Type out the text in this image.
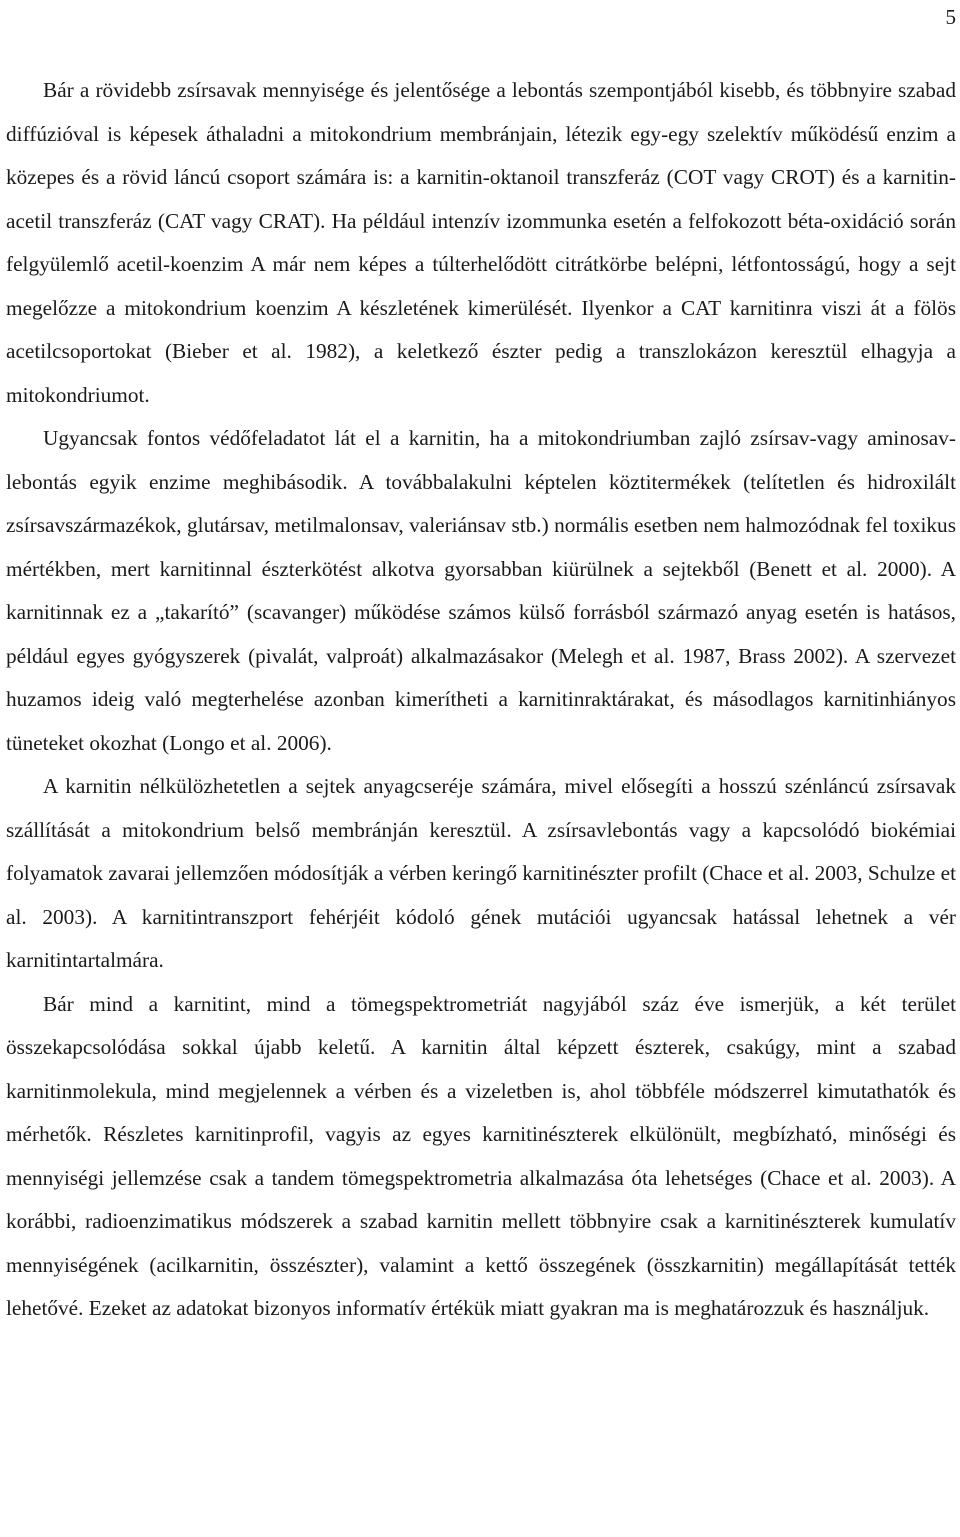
5

Bár a rövidebb zsírsavak mennyisége és jelentősége a lebontás szempontjából kisebb, és többnyire szabad diffúzióval is képesek áthaladni a mitokondrium membránjain, létezik egy-egy szelektív működésű enzim a közepes és a rövid láncú csoport számára is: a karnitin-oktanoil transzferáz (COT vagy CROT) és a karnitin-acetil transzferáz (CAT vagy CRAT). Ha például intenzív izommunka esetén a felfokozott béta-oxidáció során felgyülemlő acetil-koenzim A már nem képes a túlterhelődött citrátkörbe belépni, létfontosságú, hogy a sejt megelőzze a mitokondrium koenzim A készletének kimerülését. Ilyenkor a CAT karnitinra viszi át a fölös acetilcsoportokat (Bieber et al. 1982), a keletkező észter pedig a transzlokázon keresztül elhagyja a mitokondriumot.

Ugyancsak fontos védőfeladatot lát el a karnitin, ha a mitokondriumban zajló zsírsav-vagy aminosav-lebontás egyik enzime meghibásodik. A továbbalakulni képtelen köztitermékek (telítetlen és hidroxilált zsírsavszármazékok, glutársav, metilmalonsav, valeriánsav stb.) normális esetben nem halmozódnak fel toxikus mértékben, mert karnitinnal észterkötést alkotva gyorsabban kiürülnek a sejtekből (Benett et al. 2000). A karnitinnak ez a „takarító” (scavanger) működése számos külső forrásból származó anyag esetén is hatásos, például egyes gyógyszerek (pivalát, valproát) alkalmazásakor (Melegh et al. 1987, Brass 2002). A szervezet huzamos ideig való megterhelése azonban kimerítheti a karnitinraktárakat, és másodlagos karnitinhiányos tüneteket okozhat (Longo et al. 2006).

A karnitin nélkülözhetetlen a sejtek anyagcseréje számára, mivel elősegíti a hosszú szénláncú zsírsavak szállítását a mitokondrium belső membránján keresztül. A zsírsavlebontás vagy a kapcsolódó biokémiai folyamatok zavarai jellemzően módosítják a vérben keringő karnitinészter profilt (Chace et al. 2003, Schulze et al. 2003). A karnitintranszport fehérjéit kódoló gének mutációi ugyancsak hatással lehetnek a vér karnitintartalmára.

Bár mind a karnitint, mind a tömegspektrometriát nagyjából száz éve ismerjük, a két terület összekapcsolódása sokkal újabb keletű. A karnitin által képzett észterek, csakúgy, mint a szabad karnitinmolekula, mind megjelennek a vérben és a vizeletben is, ahol többféle módszerrel kimutathatók és mérhetők. Részletes karnitinprofil, vagyis az egyes karnitinészterek elkülönült, megbízható, minőségi és mennyiségi jellemzése csak a tandem tömegspektrometria alkalmazása óta lehetséges (Chace et al. 2003). A korábbi, radioenzimatikus módszerek a szabad karnitin mellett többnyire csak a karnitinészterek kumulatív mennyiségének (acilkarnitin, összészter), valamint a kettő összegének (összkarnitin) megállapítását tették lehetővé. Ezeket az adatokat bizonyos informatív értékük miatt gyakran ma is meghatározzuk és használjuk.
